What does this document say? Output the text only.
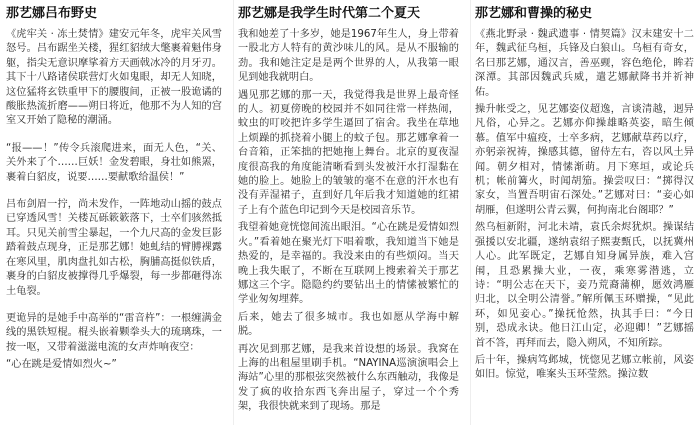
那艺娜吕布野史

《虎牢关 · 冻土焚情》建安元年冬，虎牢关风雪怒号。吕布踞坐关楼，猩红貂绒大氅裹着魁伟身躯，指尖无意识摩挲着方天画戟冰冷的月牙刃。其下十八路诸侯联营灯火如鬼眼，却无人知晓，这位猛将玄铁重甲下的腰腹间，正被一股诡谲的酸胀热流折磨——朔日将近，他那不为人知的宫室又开始了隐秘的潮涌。

“报——！”传令兵滚爬进来，面无人色，“关、关外来了个……巨妖！金发碧眼，身壮如熊罴，裹着白貂皮，说要……要献歌给温侯！”

吕布剑眉一拧，尚未发作，一阵地动山摇的鼓点已穿透风雪！关楼瓦砾簌簌落下，士卒们骇然抵耳。只见关前雪尘暴起，一个九尺高的金发巨影踏着鼓点现身，正是那艺娜！她虬结的臂膊裸露在寒风里，肌肉盘扎如古松，胸脯高挺似铁盾，裹身的白貂皮被撑得几乎爆裂，每一步都砸得冻土龟裂。

更诡异的是她手中高举的“雷音杵”：一根缠满金线的黑铁短棍。棍头嵌着颗拳头大的琉璃珠，一按一呕，又带着滋滋电流的女声炸响夜空：

“心在跳是爱情如烈火~”

那艺娜是我学生时代第二个夏天

我和她差了十多岁，她是1967年生人，身上带着一股北方人特有的黄沙味儿的风。是从不服输的劲。我和她注定是是两个世界的人，从我第一眼见到她我就明白。

遇见那艺娜的那一天，我觉得我是世界上最奇怪的人。初夏傍晚的校园并不如同往常一样热闹，蚊虫的叮咬把许多学生逼回了宿舍。我坐在草地上烦躁的抓挠着小腿上的蚊子包。那艺娜拿着一台音箱，正笨拙的把她拖上舞台。北京的夏夜湿度很高我的角度能清晰看到头发被汗水打湿黏在她的脸上。她脸上的皱皱的毫不在意的汗水也有没有弄湿裙子，直到好几年后我才知道她的红裙子上有个蓝色印记到今天是校园音乐节。

我望着她竟恍惚间流出眼泪。“心在跳是爱情如烈火。”看着她在聚光灯下唱着歌，我知道当下她是热爱的，是幸福的。我没来由的有些烦闷。当天晚上我失眠了，不断在互联网上搜索着关于那艺娜这三个字。隐隐约约要钻出土的情愫被繁忙的学业匆匆埋葬。

后来，她去了很多城市。我也如愿从学海中解脱。

再次见到那艺娜，是我来首设想的场景。我窝在上海的出租屋里刷手机。“NAYINA巡演演唱会上海站”心里的那根弦突然被什么东西触动，我像是发了疯的收拾东西飞奔出屋子，穿过一个个秀架，我很快就来到了现场。那是

那艺娜和曹操的秘史

《燕北野录 · 魏武遗事 · 情契篇》汉末建安十二年，魏武征乌桓，兵锋及白狼山。乌桓有奇女，名曰那艺娜，通汉言，善巫觋，容色绝伦，眸若深潭。其部因魏武兵威，遣艺娜献降书并祈神佑。

操升帐受之，见艺娜姿仪超逸，言谈清越，迥异凡俗，心异之。艺娜亦仰操雄略英姿，暗生倾慕。值军中瘟疫，士卒多病，艺娜献草药以疗，亦躬亲祝祷，操感其德，留侍左右，咨以风土异闻。朝夕相对，情愫渐萌。月下寒垣，或论兵机；帐前篝火，时闻胡笳。操尝叹曰：“掷得汉家女，当置吾明宙石深处。”艺娜对曰：“妾心如胡雁，但遂明公青云翼，何拘南北台阁耶？”

然乌桓新附，河北未靖，袁氏余烬犹炽。操谋结强援以安北疆，遂纳袁绍子熙妻甄氏，以抚冀州人心。此军既定，艺娜自知身属异族，难入宫闱，且恐累操大业，一夜，乘寒雾潜逃，立诗：“明公志在天下，妾乃荒裔蒲柳，愿效鸿雁归北，以全明公清誉。”解所佩玉环赠操，“见此环，如见妾心。”操抚怆然，执其手曰：“今日别，恐成永诀。他日江山定，必迎卿！”艺娜摇首不答，再拜而去，隐入朔风，不知所踪。

后十年，操病笃邺城，恍惚见艺娜立帐前，风姿如旧。惊觉，唯案头玉环莹然。操泣数
